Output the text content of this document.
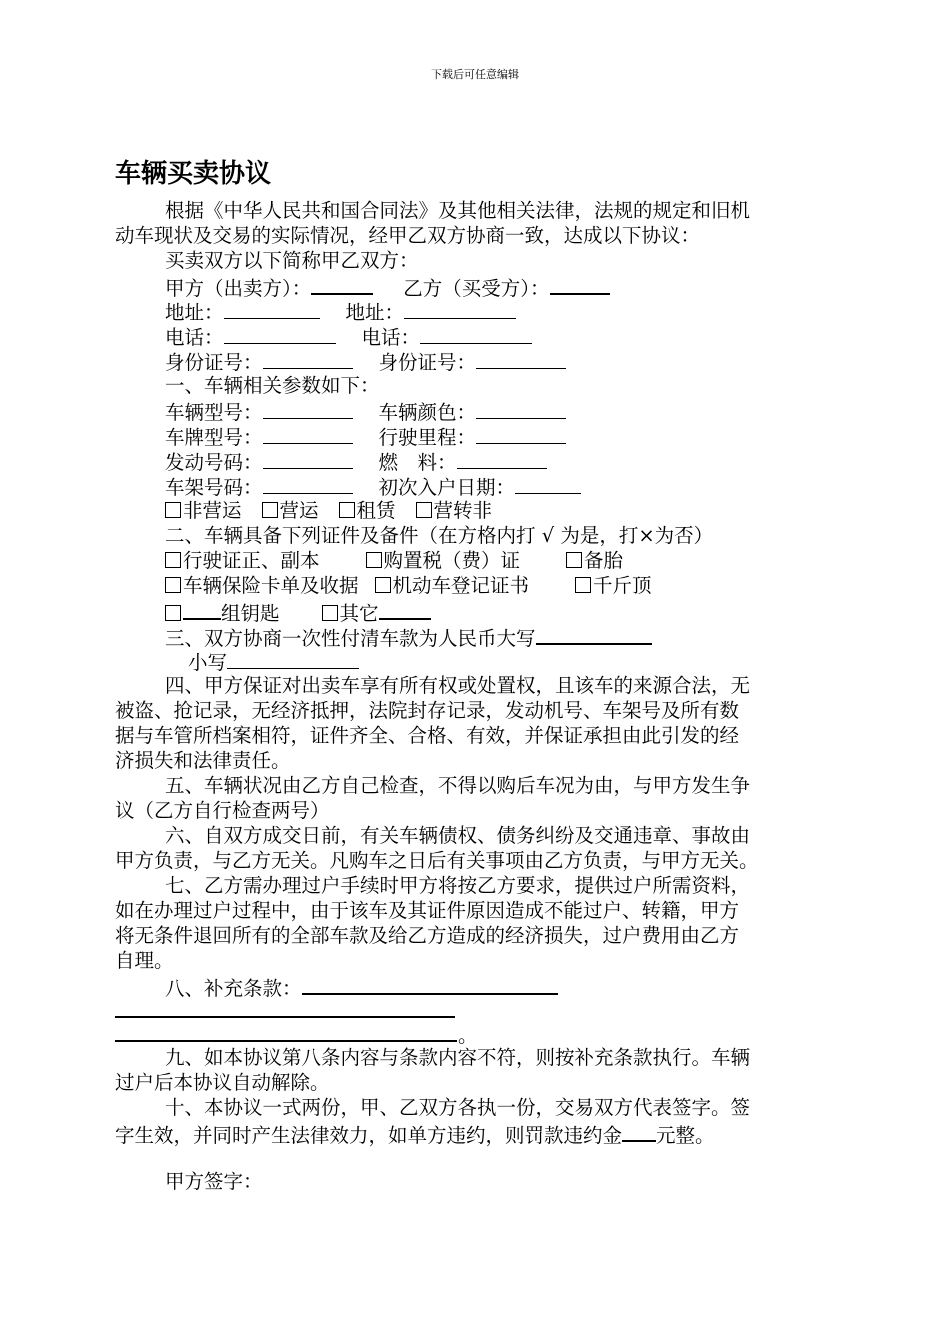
下载后可任意编辑
车辆买卖协议
根据《中华人民共和国合同法》及其他相关法律，法规的规定和旧机
动车现状及交易的实际情况，经甲乙双方协商一致，达成以下协议：
买卖双方以下简称甲乙双方：
甲方（出卖方）：	乙方（买受方）：
地址：	地址：
电话：	电话：
身份证号：	身份证号：
一、车辆相关参数如下：
车辆型号：	车辆颜色：
车牌型号：	行驶里程：
发动号码：	燃　料：
车架号码：	初次入户日期：
非营运 营运 租赁 营转非
二、车辆具备下列证件及备件（在方格内打 √ 为是，打×为否）
行驶证正、副本	购置税（费）证	备胎
车辆保险卡单及收据 机动车登记证书	千斤顶
组钥匙	其它
三、双方协商一次性付清车款为人民币大写
小写
四、甲方保证对出卖车享有所有权或处置权，且该车的来源合法，无
被盗、抢记录，无经济抵押，法院封存记录，发动机号、车架号及所有数
据与车管所档案相符，证件齐全、合格、有效，并保证承担由此引发的经
济损失和法律责任。
五、车辆状况由乙方自己检查，不得以购后车况为由，与甲方发生争
议（乙方自行检查两号）
六、自双方成交日前，有关车辆债权、债务纠纷及交通违章、事故由
甲方负责，与乙方无关。凡购车之日后有关事项由乙方负责，与甲方无关。
七、乙方需办理过户手续时甲方将按乙方要求，提供过户所需资料，
如在办理过户过程中，由于该车及其证件原因造成不能过户、转籍，甲方
将无条件退回所有的全部车款及给乙方造成的经济损失，过户费用由乙方
自理。
八、补充条款：
。
九、如本协议第八条内容与条款内容不符，则按补充条款执行。车辆
过户后本协议自动解除。
十、本协议一式两份，甲、乙双方各执一份，交易双方代表签字。签
字生效，并同时产生法律效力，如单方违约，则罚款违约金 元整。
甲方签字：
